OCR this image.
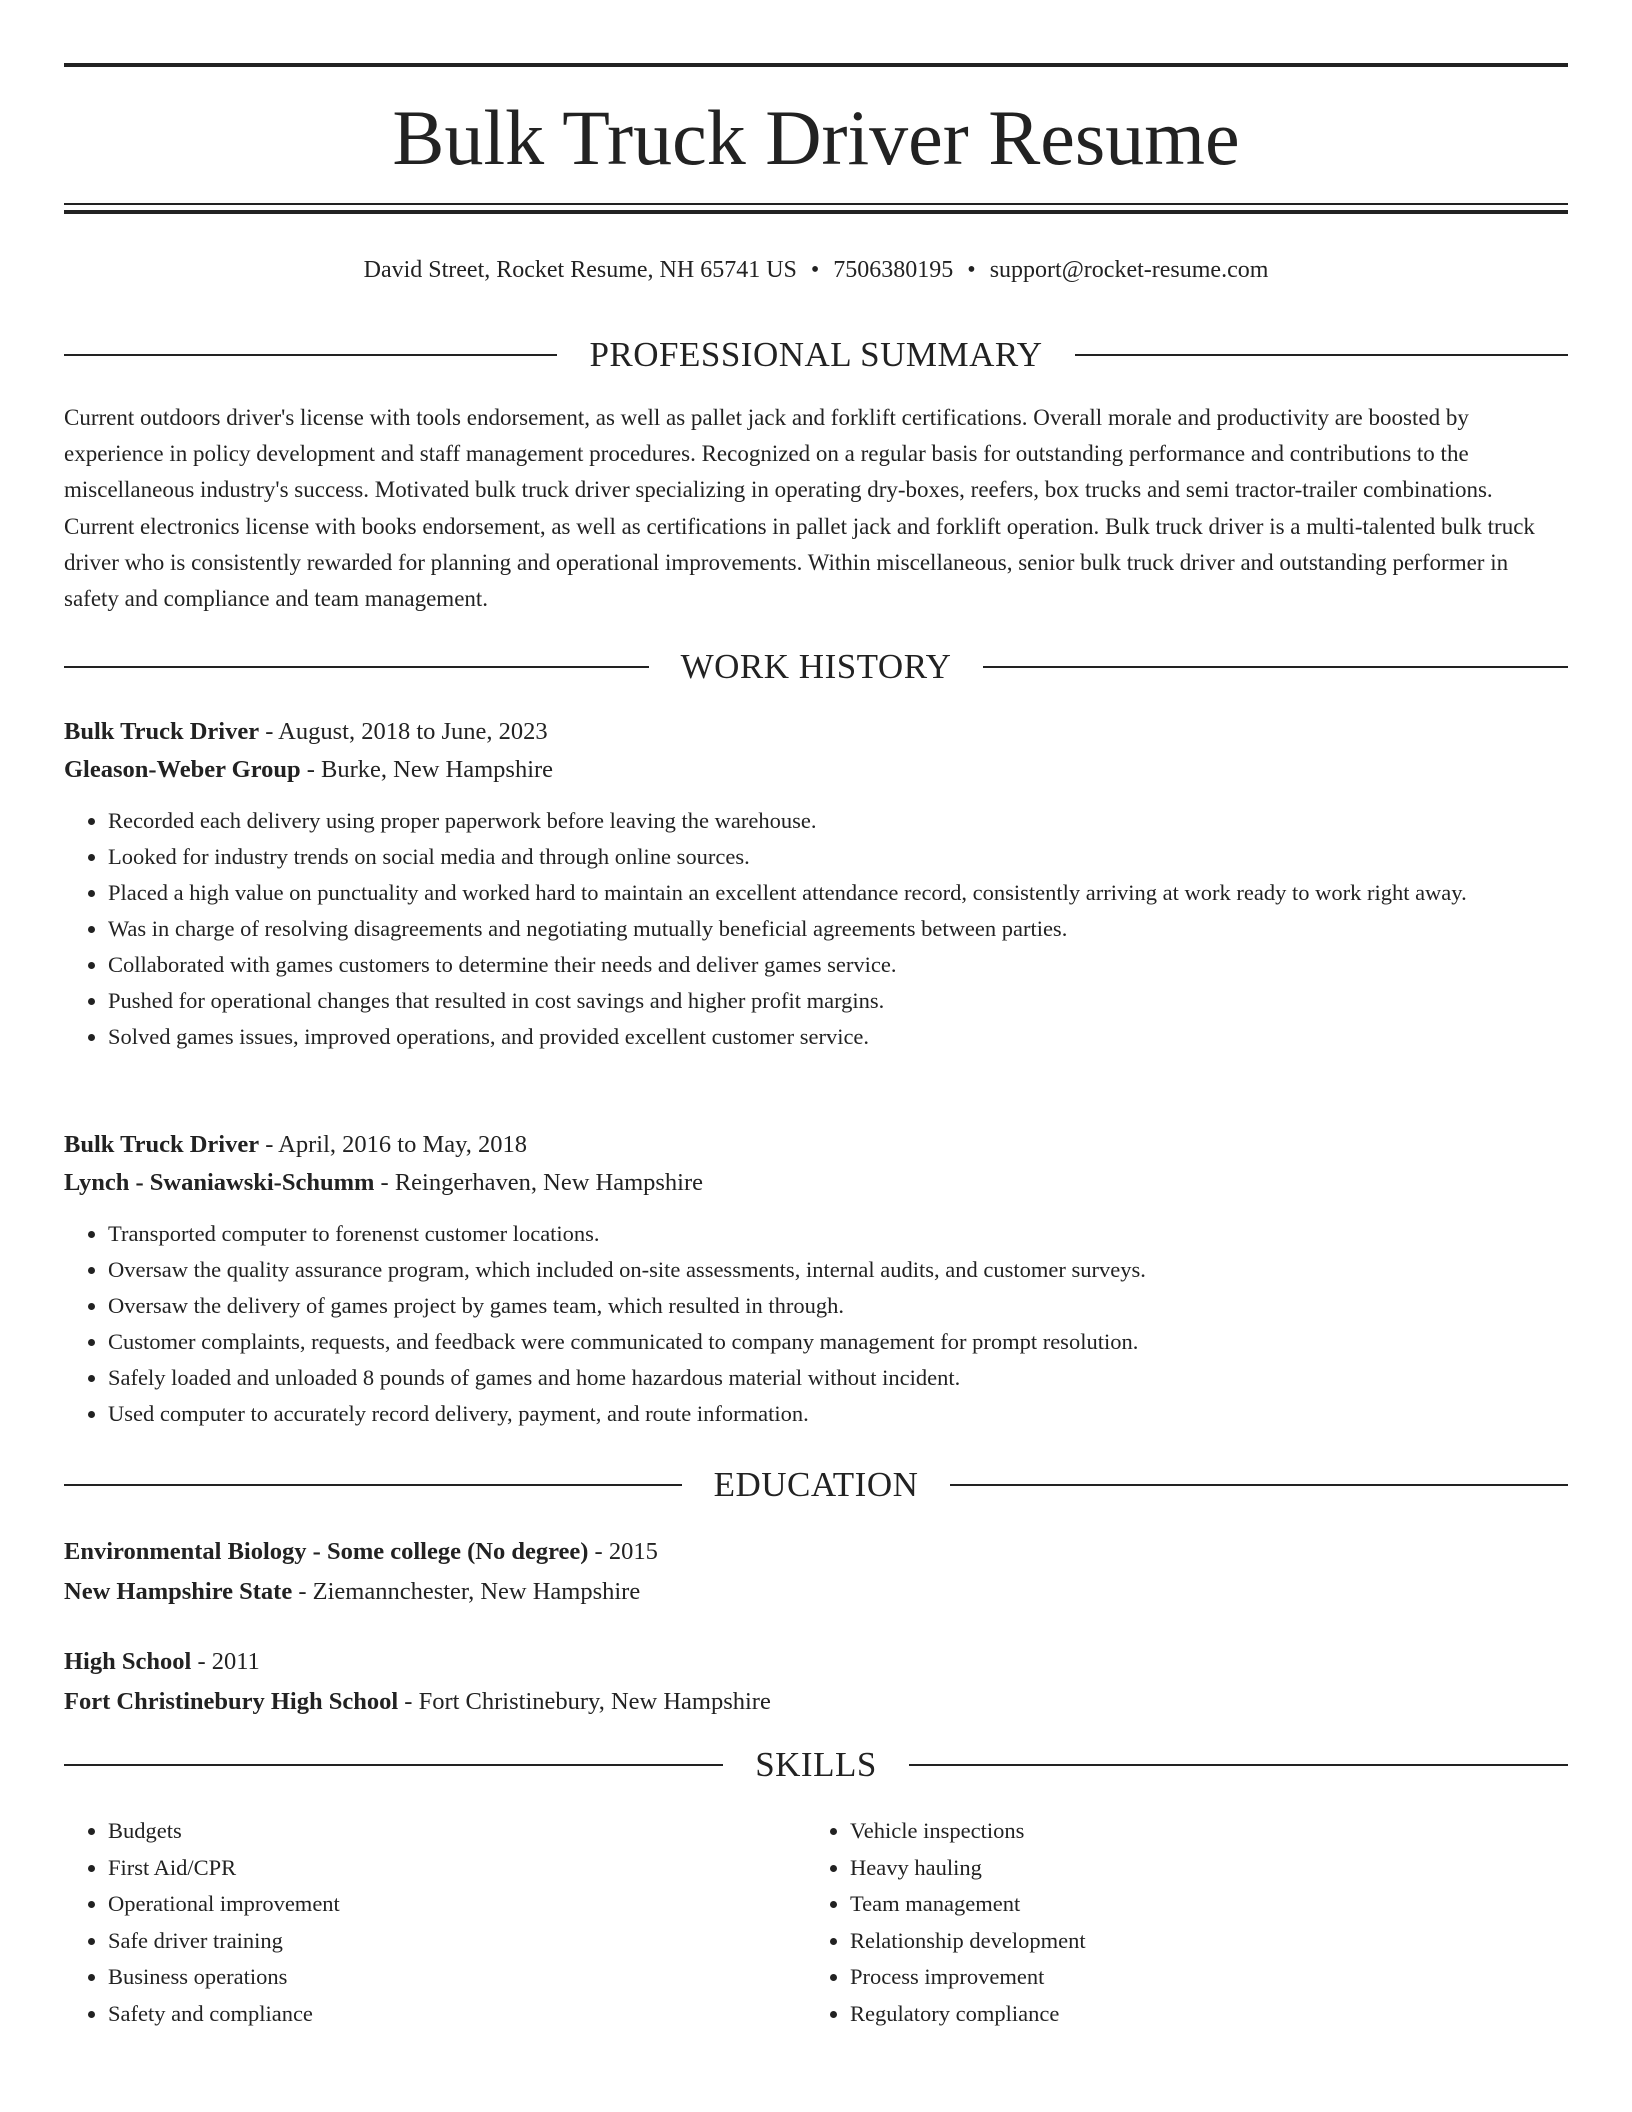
Bulk Truck Driver Resume
David Street, Rocket Resume, NH 65741 US • 7506380195 • support@rocket-resume.com
PROFESSIONAL SUMMARY

Current outdoors driver's license with tools endorsement, as well as pallet jack and forklift certifications. Overall morale and productivity are boosted by experience in policy development and staff management procedures. Recognized on a regular basis for outstanding performance and contributions to the miscellaneous industry's success. Motivated bulk truck driver specializing in operating dry-boxes, reefers, box trucks and semi tractor-trailer combinations. Current electronics license with books endorsement, as well as certifications in pallet jack and forklift operation. Bulk truck driver is a multi-talented bulk truck driver who is consistently rewarded for planning and operational improvements. Within miscellaneous, senior bulk truck driver and outstanding performer in safety and compliance and team management.

WORK HISTORY
Bulk Truck Driver - August, 2018 to June, 2023
Gleason-Weber Group - Burke, New Hampshire
• Recorded each delivery using proper paperwork before leaving the warehouse.
• Looked for industry trends on social media and through online sources.
• Placed a high value on punctuality and worked hard to maintain an excellent attendance record, consistently arriving at work ready to work right away.
• Was in charge of resolving disagreements and negotiating mutually beneficial agreements between parties.
• Collaborated with games customers to determine their needs and deliver games service.
• Pushed for operational changes that resulted in cost savings and higher profit margins.
• Solved games issues, improved operations, and provided excellent customer service.
Bulk Truck Driver - April, 2016 to May, 2018
Lynch - Swaniawski-Schumm - Reingerhaven, New Hampshire
• Transported computer to forenenst customer locations.
• Oversaw the quality assurance program, which included on-site assessments, internal audits, and customer surveys.
• Oversaw the delivery of games project by games team, which resulted in through.
• Customer complaints, requests, and feedback were communicated to company management for prompt resolution.
• Safely loaded and unloaded 8 pounds of games and home hazardous material without incident.
• Used computer to accurately record delivery, payment, and route information.
EDUCATION
Environmental Biology - Some college (No degree) - 2015
New Hampshire State - Ziemannchester, New Hampshire
High School - 2011
Fort Christinebury High School - Fort Christinebury, New Hampshire
SKILLS
• Budgets
• First Aid/CPR
• Operational improvement
• Safe driver training
• Business operations
• Safety and compliance
• Vehicle inspections
• Heavy hauling
• Team management
• Relationship development
• Process improvement
• Regulatory compliance
